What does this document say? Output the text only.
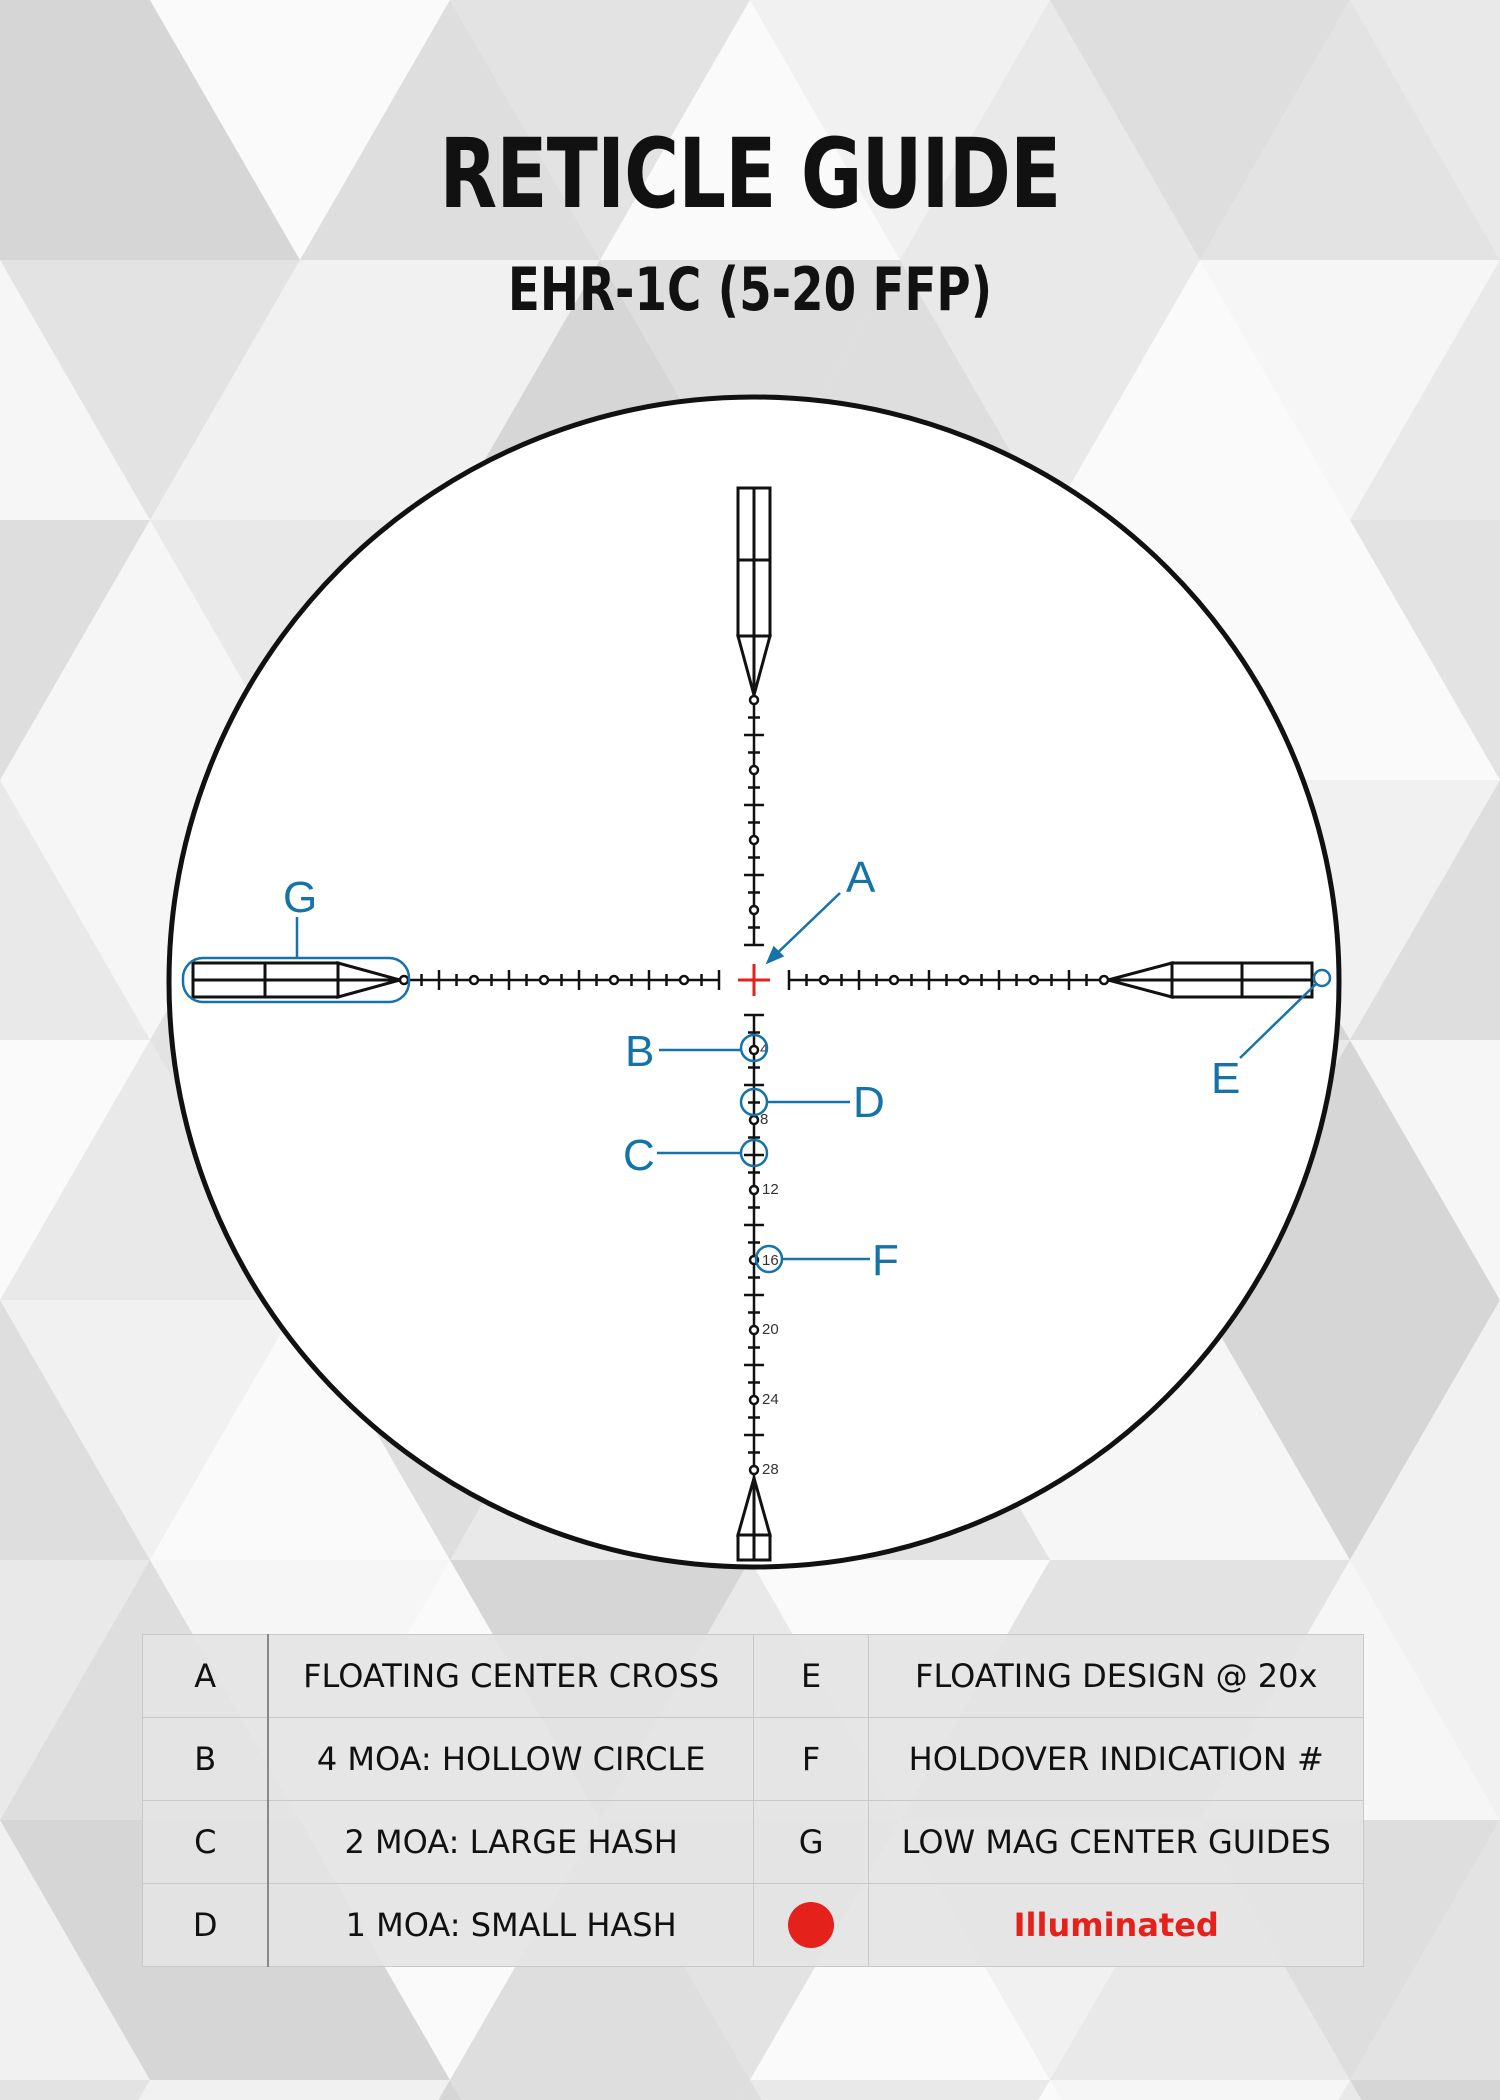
RETICLE GUIDE
EHR-1C (5-20 FFP)
4
8
12
16
20
24
28
A
B
C
D	E
F
G
A	FLOATING CENTER CROSS	E	FLOATING DESIGN @ 20x
B	4 MOA: HOLLOW CIRCLE	F	HOLDOVER INDICATION #
C	2 MOA: LARGE HASH	G	LOW MAG CENTER GUIDES
D	1 MOA: SMALL HASH		Illuminated
